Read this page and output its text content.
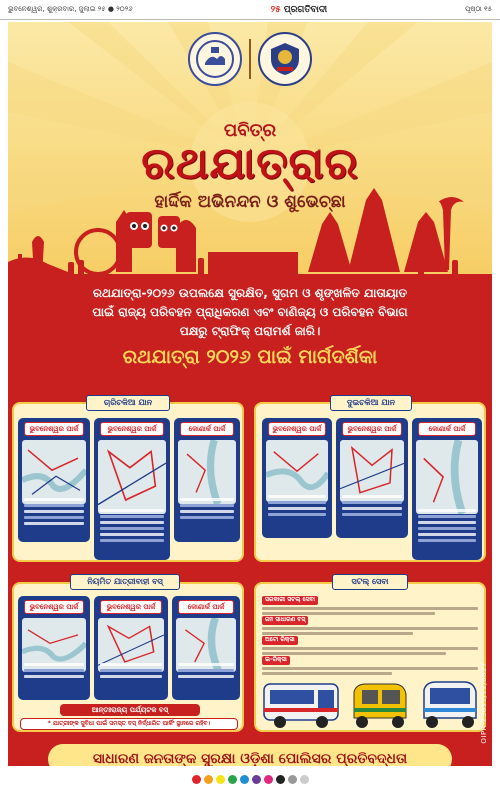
ଭୁବନେଶ୍ୱର, ଶୁକ୍ରବାର, ଜୁଲାଇ ୨୫ ● ୨୦୨୬	୨୫ ପ୍ରଗତିବାଦୀ	ପୃଷ୍ଠା ୧୫
ପବିତ୍ର
ରଥଯାତ୍ରାର
ହାର୍ଦ୍ଦିକ ଅଭିନନ୍ଦନ ଓ ଶୁଭେଚ୍ଛା
ରଥଯାତ୍ରା-୨୦୨୬ ଉପଲକ୍ଷେ ସୁରକ୍ଷିତ, ସୁଗମ ଓ ଶୃଙ୍ଖଳିତ ଯାତାୟାତ
ପାଇଁ ରାଜ୍ୟ ପରିବହନ ପ୍ରାଧିକରଣ ଏବଂ ବାଣିଜ୍ୟ ଓ ପରିବହନ ବିଭାଗ
ପକ୍ଷରୁ ଟ୍ରାଫିକ୍ ପରାମର୍ଶ ଜାରି।
ରଥଯାତ୍ରା ୨୦୨୬ ପାଇଁ ମାର୍ଗଦର୍ଶିକା
ଭୁବନେଶ୍ୱର ପାର୍କ	ଭୁବନେଶ୍ୱର ପାର୍କ	କୋଣାର୍କ ପାର୍କ
ଚାରିଚକିଆ ଯାନ
ଭୁବନେଶ୍ୱର ପାର୍କ	ଭୁବନେଶ୍ୱର ପାର୍କ	କୋଣାର୍କ ପାର୍କ
ଦୁଇଚକିଆ ଯାନ
ଭୁବନେଶ୍ୱର ପାର୍କ	ଭୁବନେଶ୍ୱର ପାର୍କ	କୋଣାର୍କ ପାର୍କ
ଆନ୍ତଃରାଜ୍ୟ ପର୍ଯ୍ୟଟକ ବସ୍
* ଯାତ୍ରୀଙ୍କ ସୁବିଧା ପାଇଁ ସମସ୍ତ ବସ୍ ନିର୍ଦ୍ଧାରିତ ପାର୍କିଂ ସ୍ଥାନରେ ରହିବ।
ନିୟମିତ ଯାତ୍ରୀବାହୀ ବସ୍
ସରକାରୀ ସଟଲ୍ ସେବା
ଜନ ସାଧାରଣ ବସ୍
ଅଟୋ ରିକ୍ସା
ଇ-ରିକ୍ସା
ସଟଲ୍ ସେବା
ସାଧାରଣ ଜନତାଙ୍କ ସୁରକ୍ଷା ଓଡ଼ିଶା ପୋଲିସର ପ୍ରତିବଦ୍ଧତା
OIPR-23011/12/0027
